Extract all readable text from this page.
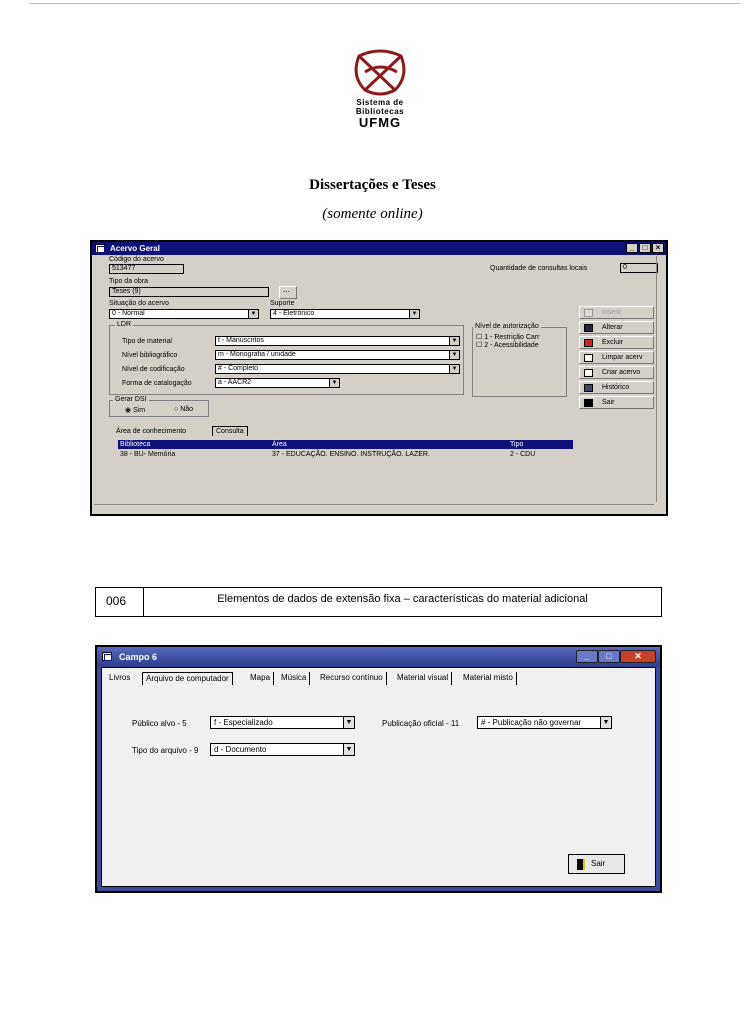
Sistema de
Bibliotecas
UFMG
Dissertações e Teses
(somente online)
Acervo Geral	_	□	×
Código do acervo
513477	Quantidade de consultas locais	0
Tipo da obra
Teses (9)	⋯
Situação do acervo
0 - Normal	▼
Suporte
4 - Eletrônico	▼
LDR
Tipo de material	t - Manuscritos	▼
Nível bibliográfico	m - Monografia / unidade	▼
Nível de codificação	# - Completo	▼
Forma de catalogação	a - AACR2	▼
Nível de autorização
☐ 1 - Restrição Carr
☐ 2 - Acessibilidade
Gerar DSI
◉ Sim	○ Não
Inserir
Alterar
Excluir
Limpar acerv
Criar acervo
Histórico
Sair
Área de conhecimento	Consulta
Biblioteca	Área	Tipo
38 - BU- Memória	37 - EDUCAÇÃO. ENSINO. INSTRUÇÃO. LAZER.	2 - CDU
006	Elementos de dados de extensão fixa – características do material adicional
Campo 6	_	□	✕
Livros	Arquivo de computador	Mapa	Música	Recurso contínuo	Material visual	Material misto
Público alvo - 5	f - Especializado	▼	Publicação oficial - 11	# - Publicação não governar	▼
Tipo do arquivo - 9	d - Documento	▼
Sair
